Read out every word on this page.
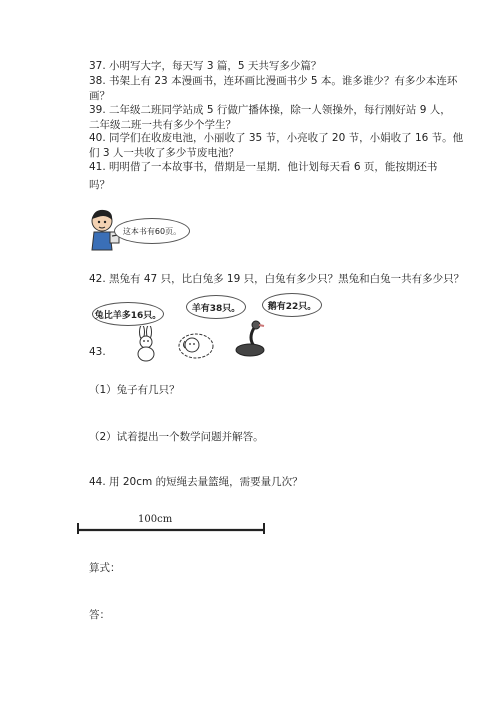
37. 小明写大字，每天写 3 篇，5 天共写多少篇？
38. 书架上有 23 本漫画书，连环画比漫画书少 5 本。谁多谁少？有多少本连环
画？
39. 二年级二班同学站成 5 行做广播体操，除一人领操外，每行刚好站 9 人，
二年级二班一共有多少个学生？
40. 同学们在收废电池，小丽收了 35 节，小亮收了 20 节，小娟收了 16 节。他
们 3 人一共收了多少节废电池？
41. 明明借了一本故事书，借期是一星期．他计划每天看 6 页，能按期还书
吗？
这本书有60页。
42. 黑兔有 47 只，比白兔多 19 只，白兔有多少只？黑兔和白兔一共有多少只？
兔比羊多16只。
羊有38只。	鹅有22只。
43.
（1）兔子有几只？
（2）试着提出一个数学问题并解答。
44. 用 20cm 的短绳去量篮绳，需要量几次？
100cm
算式：
答：
